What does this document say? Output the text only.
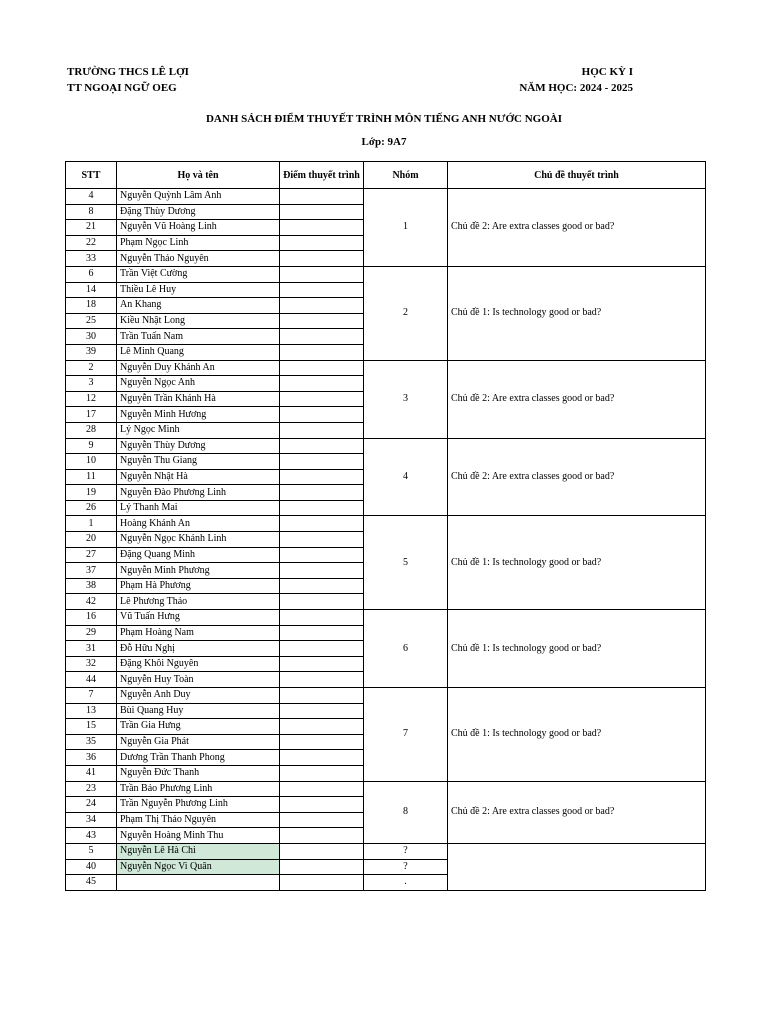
TRƯỜNG THCS LÊ LỢI
TT NGOẠI NGỮ OEG
HỌC KỲ I
NĂM HỌC: 2024 - 2025
DANH SÁCH ĐIỂM THUYẾT TRÌNH MÔN TIẾNG ANH NƯỚC NGOÀI
Lớp: 9A7
STT	Họ và tên	Điểm thuyết trình	Nhóm	Chủ đề thuyết trình
4	Nguyễn Quỳnh Lâm Anh		1	Chủ đề 2: Are extra classes good or bad?
8	Đặng Thùy Dương			
21	Nguyễn Vũ Hoàng Linh			
22	Phạm Ngọc Linh			
33	Nguyễn Thảo Nguyên			
6	Trần Việt Cường		2	Chủ đề 1: Is technology good or bad?
14	Thiều Lê Huy			
18	An Khang			
25	Kiều Nhật Long			
30	Trần Tuấn Nam			
39	Lê Minh Quang			
2	Nguyễn Duy Khánh An		3	Chủ đề 2: Are extra classes good or bad?
3	Nguyễn Ngọc Anh			
12	Nguyễn Trần Khánh Hà			
17	Nguyễn Minh Hương			
28	Lý Ngọc Minh			
9	Nguyễn Thùy Dương		4	Chủ đề 2: Are extra classes good or bad?
10	Nguyễn Thu Giang			
11	Nguyễn Nhật Hà			
19	Nguyễn Đào Phương Linh			
26	Lý Thanh Mai			
1	Hoàng Khánh An		5	Chủ đề 1: Is technology good or bad?
20	Nguyễn Ngọc Khánh Linh			
27	Đặng Quang Minh			
37	Nguyễn Minh Phương			
38	Phạm Hà Phương			
42	Lê Phương Thảo			
16	Vũ Tuấn Hưng		6	Chủ đề 1: Is technology good or bad?
29	Phạm Hoàng Nam			
31	Đỗ Hữu Nghị			
32	Đặng Khôi Nguyên			
44	Nguyễn Huy Toàn			
7	Nguyễn Anh Duy		7	Chủ đề 1: Is technology good or bad?
13	Bùi Quang Huy			
15	Trần Gia Hưng			
35	Nguyễn Gia Phát			
36	Dương Trần Thanh Phong			
41	Nguyễn Đức Thanh			
23	Trần Bảo Phương Linh		8	Chủ đề 2: Are extra classes good or bad?
24	Trần Nguyễn Phương Linh			
34	Phạm Thị Thảo Nguyên			
43	Nguyễn Hoàng Minh Thu			
5	Nguyễn Lê Hà Chi		?	
40	Nguyễn Ngọc Vi Quân		?	
45			.	
